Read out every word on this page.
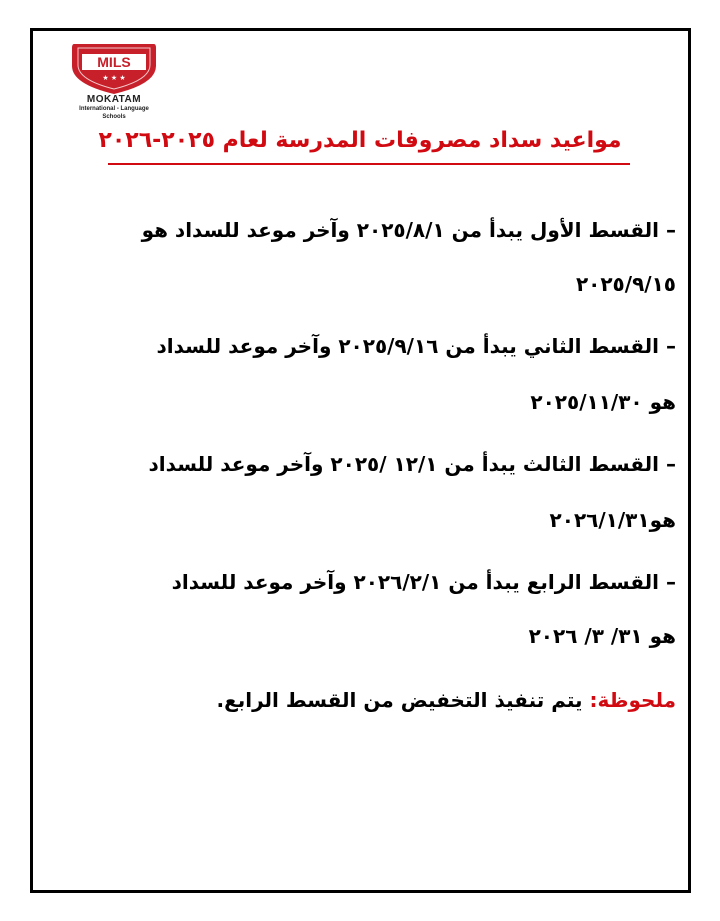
MILS
★ ★ ★
MOKATAM
International - Language
Schools
مواعيد سداد مصروفات المدرسة لعام ٢٠٢٥-٢٠٢٦
– القسط الأول يبدأ من ٢٠٢٥/٨/١ وآخر موعد للسداد هو
٢٠٢٥/٩/١٥
– القسط الثاني يبدأ من ٢٠٢٥/٩/١٦ وآخر موعد للسداد
هو ٢٠٢٥/١١/٣٠
– القسط الثالث يبدأ من ١٢/١ /٢٠٢٥ وآخر موعد للسداد
هو٢٠٢٦/١/٣١
– القسط الرابع يبدأ من ٢٠٢٦/٢/١ وآخر موعد للسداد
هو ٣١/ ٣/ ٢٠٢٦
ملحوظة: يتم تنفيذ التخفيض من القسط الرابع.
